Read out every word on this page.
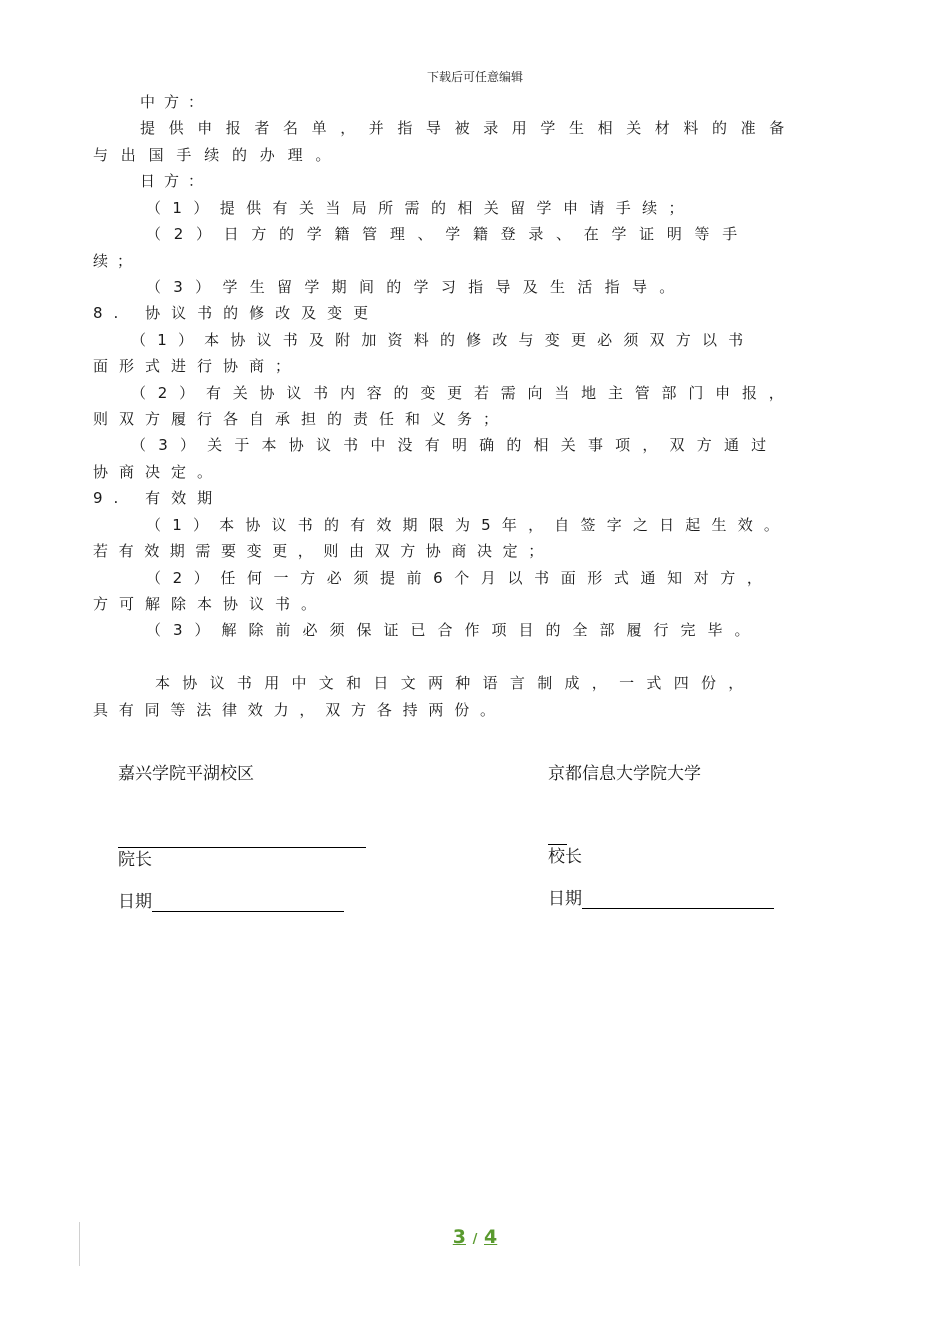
下载后可任意编辑
中方：
提供申报者名单，并指导被录用学生相关材料的准备
与出国手续的办理。
日方：
（1）提供有关当局所需的相关留学申请手续；
（2）日方的学籍管理、学籍登录、在学证明等手
续；
（3）学生留学期间的学习指导及生活指导。
8. 协议书的修改及变更
（1）本协议书及附加资料的修改与变更必须双方以书
面形式进行协商；
（2）有关协议书内容的变更若需向当地主管部门申报，
则双方履行各自承担的责任和义务；
（3）关于本协议书中没有明确的相关事项，双方通过
协商决定。
9. 有效期
（1）本协议书的有效期限为5年，自签字之日起生效。
若有效期需要变更，则由双方协商决定；
（2）任何一方必须提前6个月以书面形式通知对方，
方可解除本协议书。
（3）解除前必须保证已合作项目的全部履行完毕。
本协议书用中文和日文两种语言制成，一式四份，
具有同等法律效力，双方各持两份。
嘉兴学院平湖校区
院长
日期
京都信息大学院大学
校长
日期
3 / 4
